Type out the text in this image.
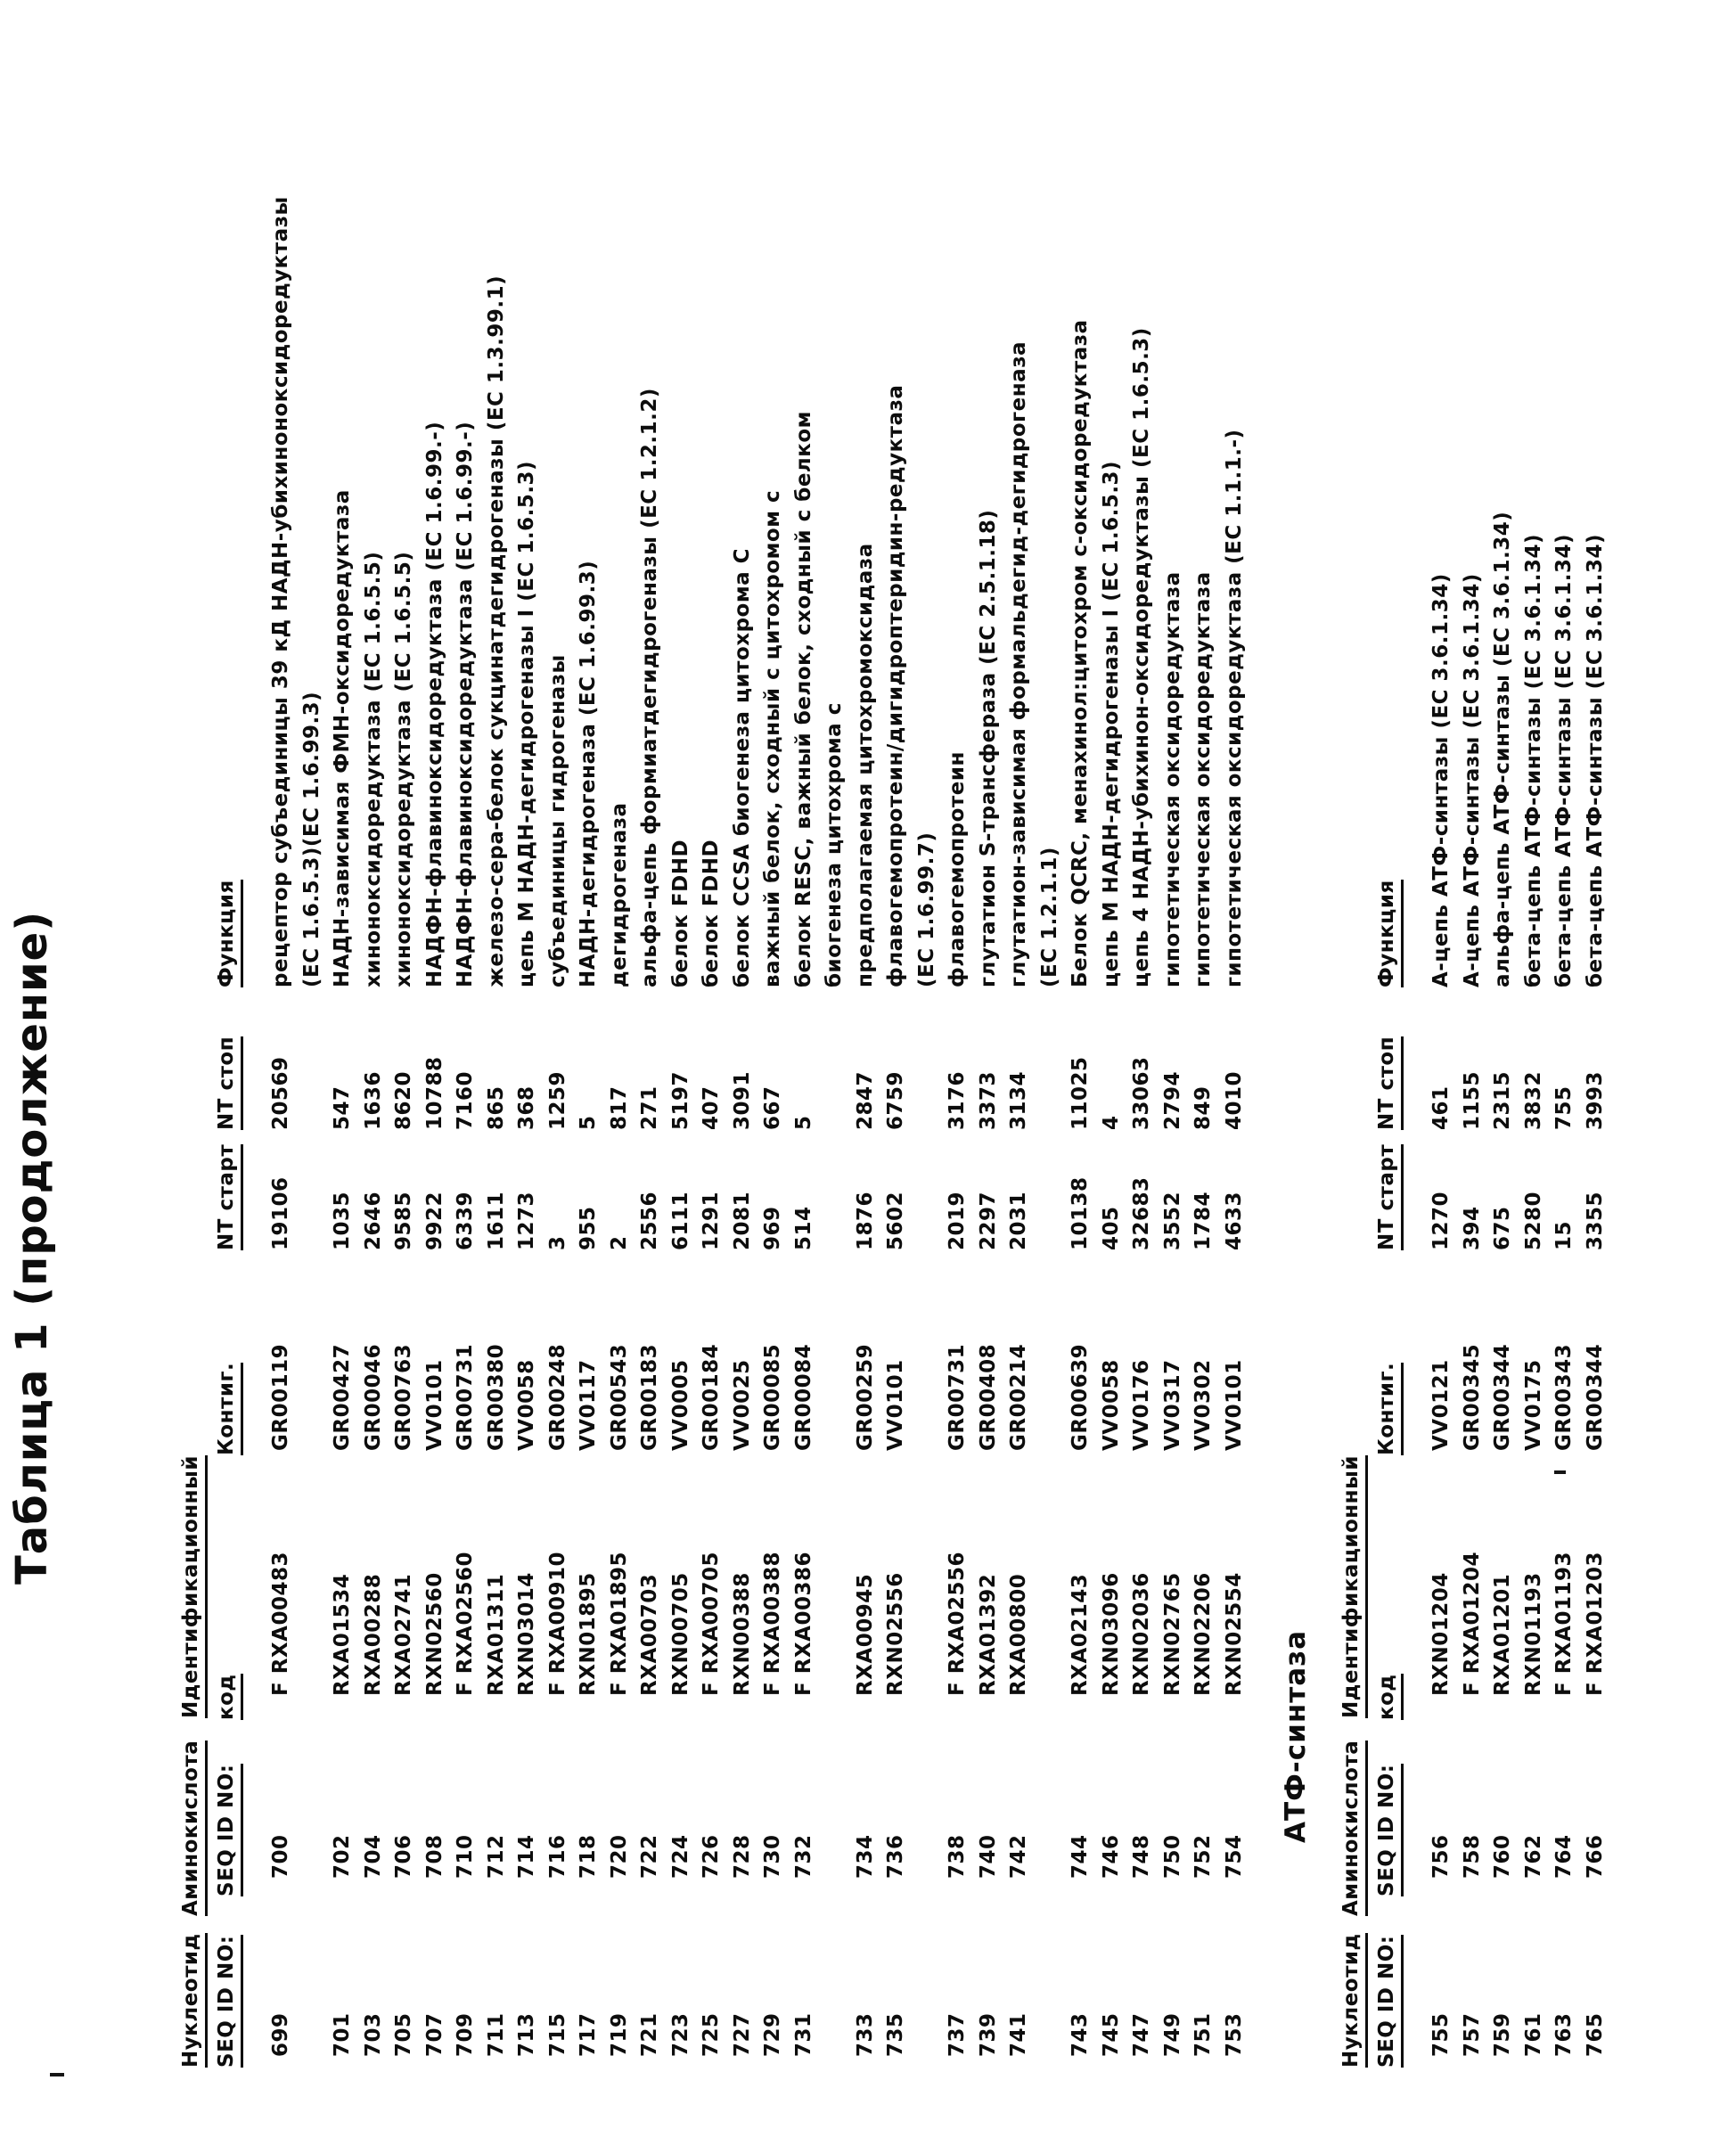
Таблица 1 (продолжение)
Нуклеотид
Аминокислота
Идентификационный
SEQ ID NO:
SEQ ID NO:
код
Контиг.
NT старт
NT стоп
Функция
699
700
F RXA00483
GR00119
19106
20569
рецептор субъединицы 39 кД НАДН-убихиноноксидоредуктазы (EC 1.6.5.3)(EC 1.6.99.3)
701
702
RXA01534
GR00427
1035
547
НАДН-зависимая ФМН-оксидоредуктаза
703
704
RXA00288
GR00046
2646
1636
хиноноксидоредуктаза (EC 1.6.5.5)
705
706
RXA02741
GR00763
9585
8620
хиноноксидоредуктаза (EC 1.6.5.5)
707
708
RXN02560
VV0101
9922
10788
НАДФН-флавиноксидоредуктаза (EC 1.6.99.-)
709
710
F RXA02560
GR00731
6339
7160
НАДФН-флавиноксидоредуктаза (EC 1.6.99.-)
711
712
RXA01311
GR00380
1611
865
железо-сера-белок сукцинатдегидрогеназы (EC 1.3.99.1)
713
714
RXN03014
VV0058
1273
368
цепь M НАДН-дегидрогеназы I (EC 1.6.5.3)
715
716
F RXA00910
GR00248
3
1259
субъединицы гидрогеназы
717
718
RXN01895
VV0117
955
5
НАДН-дегидрогеназа (EC 1.6.99.3)
719
720
F RXA01895
GR00543
2
817
дегидрогеназа
721
722
RXA00703
GR00183
2556
271
альфа-цепь формиатдегидрогеназы (EC 1.2.1.2)
723
724
RXN00705
VV0005
6111
5197
белок FDHD
725
726
F RXA00705
GR00184
1291
407
белок FDHD
727
728
RXN00388
VV0025
2081
3091
белок CCSA биогенеза цитохрома C
729
730
F RXA00388
GR00085
969
667
важный белок, сходный с цитохромом с
731
732
F RXA00386
GR00084
514
5
белок RESC, важный белок, сходный с белком биогенеза цитохрома с
733
734
RXA00945
GR00259
1876
2847
предполагаемая цитохромоксидаза
735
736
RXN02556
VV0101
5602
6759
флавогемопротеин/дигидроптеридин-редуктаза (EC 1.6.99.7)
737
738
F RXA02556
GR00731
2019
3176
флавогемопротеин
739
740
RXA01392
GR00408
2297
3373
глутатион S-трансфераза (EC 2.5.1.18)
741
742
RXA00800
GR00214
2031
3134
глутатион-зависимая формальдегид-дегидрогеназа (EC 1.2.1.1)
743
744
RXA02143
GR00639
10138
11025
Белок QCRC, менахинол:цитохром с-оксидоредуктаза
745
746
RXN03096
VV0058
405
4
цепь M НАДН-дегидрогеназы I (EC 1.6.5.3)
747
748
RXN02036
VV0176
32683
33063
цепь 4 НАДН-убихинон-оксидоредуктазы (EC 1.6.5.3)
749
750
RXN02765
VV0317
3552
2794
гипотетическая оксидоредуктаза
751
752
RXN02206
VV0302
1784
849
гипотетическая оксидоредуктаза
753
754
RXN02554
VV0101
4633
4010
гипотетическая оксидоредуктаза (EC 1.1.1.-)
АТФ-синтаза
Нуклеотид
Аминокислота
Идентификационный
SEQ ID NO:
SEQ ID NO:
код
Контиг.
NT старт
NT стоп
Функция
755
756
RXN01204
VV0121
1270
461
А-цепь АТФ-синтазы (EC 3.6.1.34)
757
758
F RXA01204
GR00345
394
1155
А-цепь АТФ-синтазы (EC 3.6.1.34)
759
760
RXA01201
GR00344
675
2315
альфа-цепь АТФ-синтазы (EC 3.6.1.34)
761
762
RXN01193
VV0175
5280
3832
бета-цепь АТФ-синтазы (EC 3.6.1.34)
763
764
F RXA01193
GR00343
15
755
бета-цепь АТФ-синтазы (EC 3.6.1.34)
765
766
F RXA01203
GR00344
3355
3993
бета-цепь АТФ-синтазы (EC 3.6.1.34)
